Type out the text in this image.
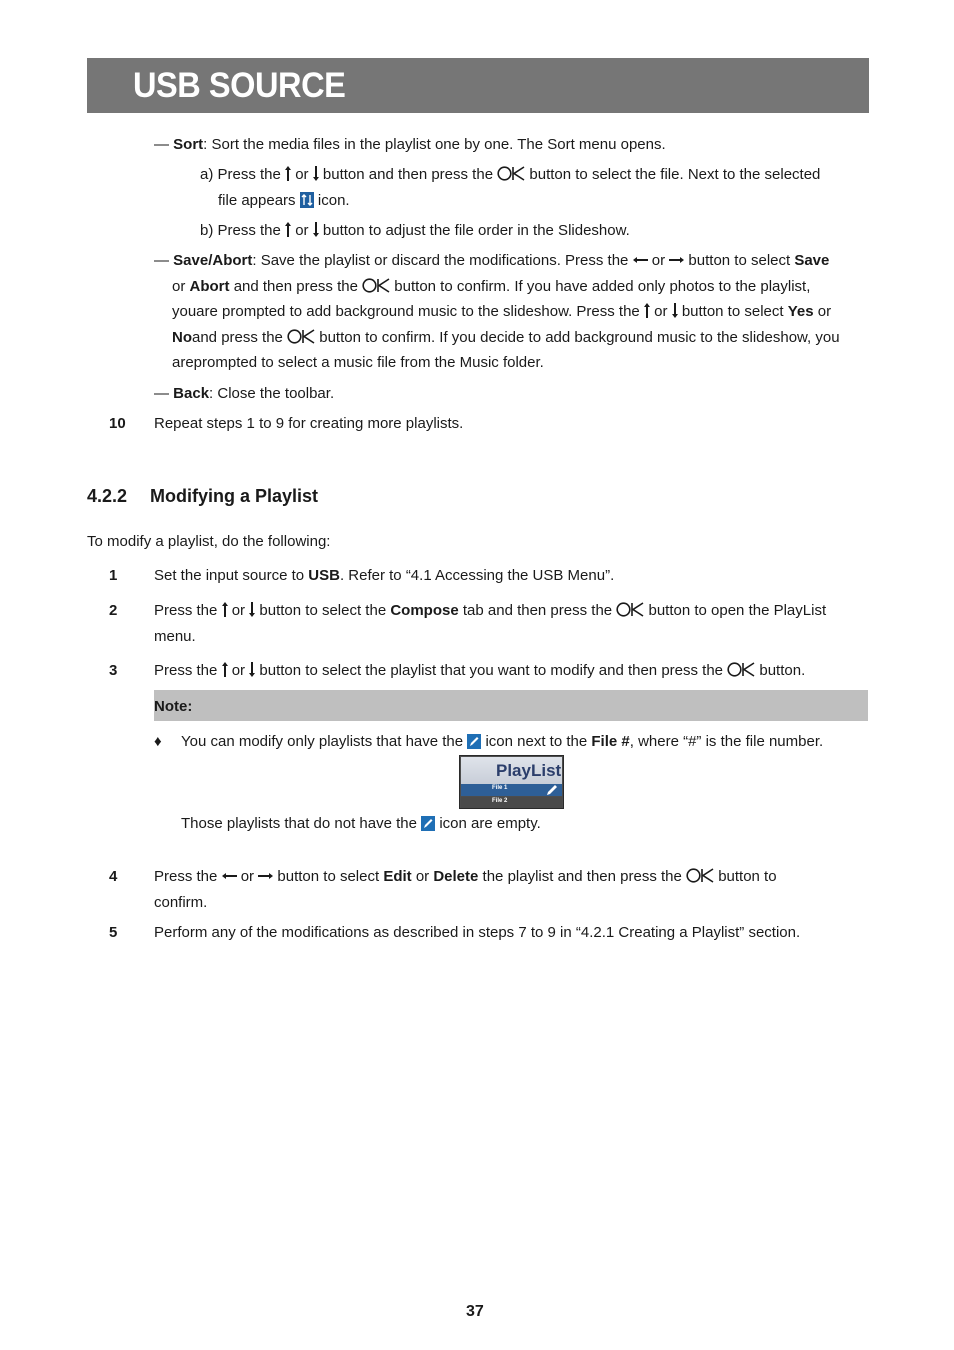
USB SOURCE
— Sort: Sort the media files in the playlist one by one. The Sort menu opens.
a) Press the or button and then press the button to select the file. Next to the selected
file appears icon.
b) Press the or button to adjust the file order in the Slideshow.
— Save/Abort: Save the playlist or discard the modifications. Press the or button to select Save
or Abort and then press the button to confirm. If you have added only photos to the playlist,
youare prompted to add background music to the slideshow. Press the or button to select Yes or
Noand press the button to confirm. If you decide to add background music to the slideshow, you
areprompted to select a music file from the Music folder.
— Back: Close the toolbar.
10 Repeat steps 1 to 9 for creating more playlists.
4.2.2 Modifying a Playlist
To modify a playlist, do the following:
1 Set the input source to USB. Refer to “4.1 Accessing the USB Menu”.
2 Press the or button to select the Compose tab and then press the button to open the PlayList
menu.
3 Press the or button to select the playlist that you want to modify and then press the button.
Note:
♦ You can modify only playlists that have the icon next to the File #, where “#” is the file number.
PlayList
File 1
File 2
Those playlists that do not have the icon are empty.
4 Press the or button to select Edit or Delete the playlist and then press the button to
confirm.
5 Perform any of the modifications as described in steps 7 to 9 in “4.2.1 Creating a Playlist” section.
37
